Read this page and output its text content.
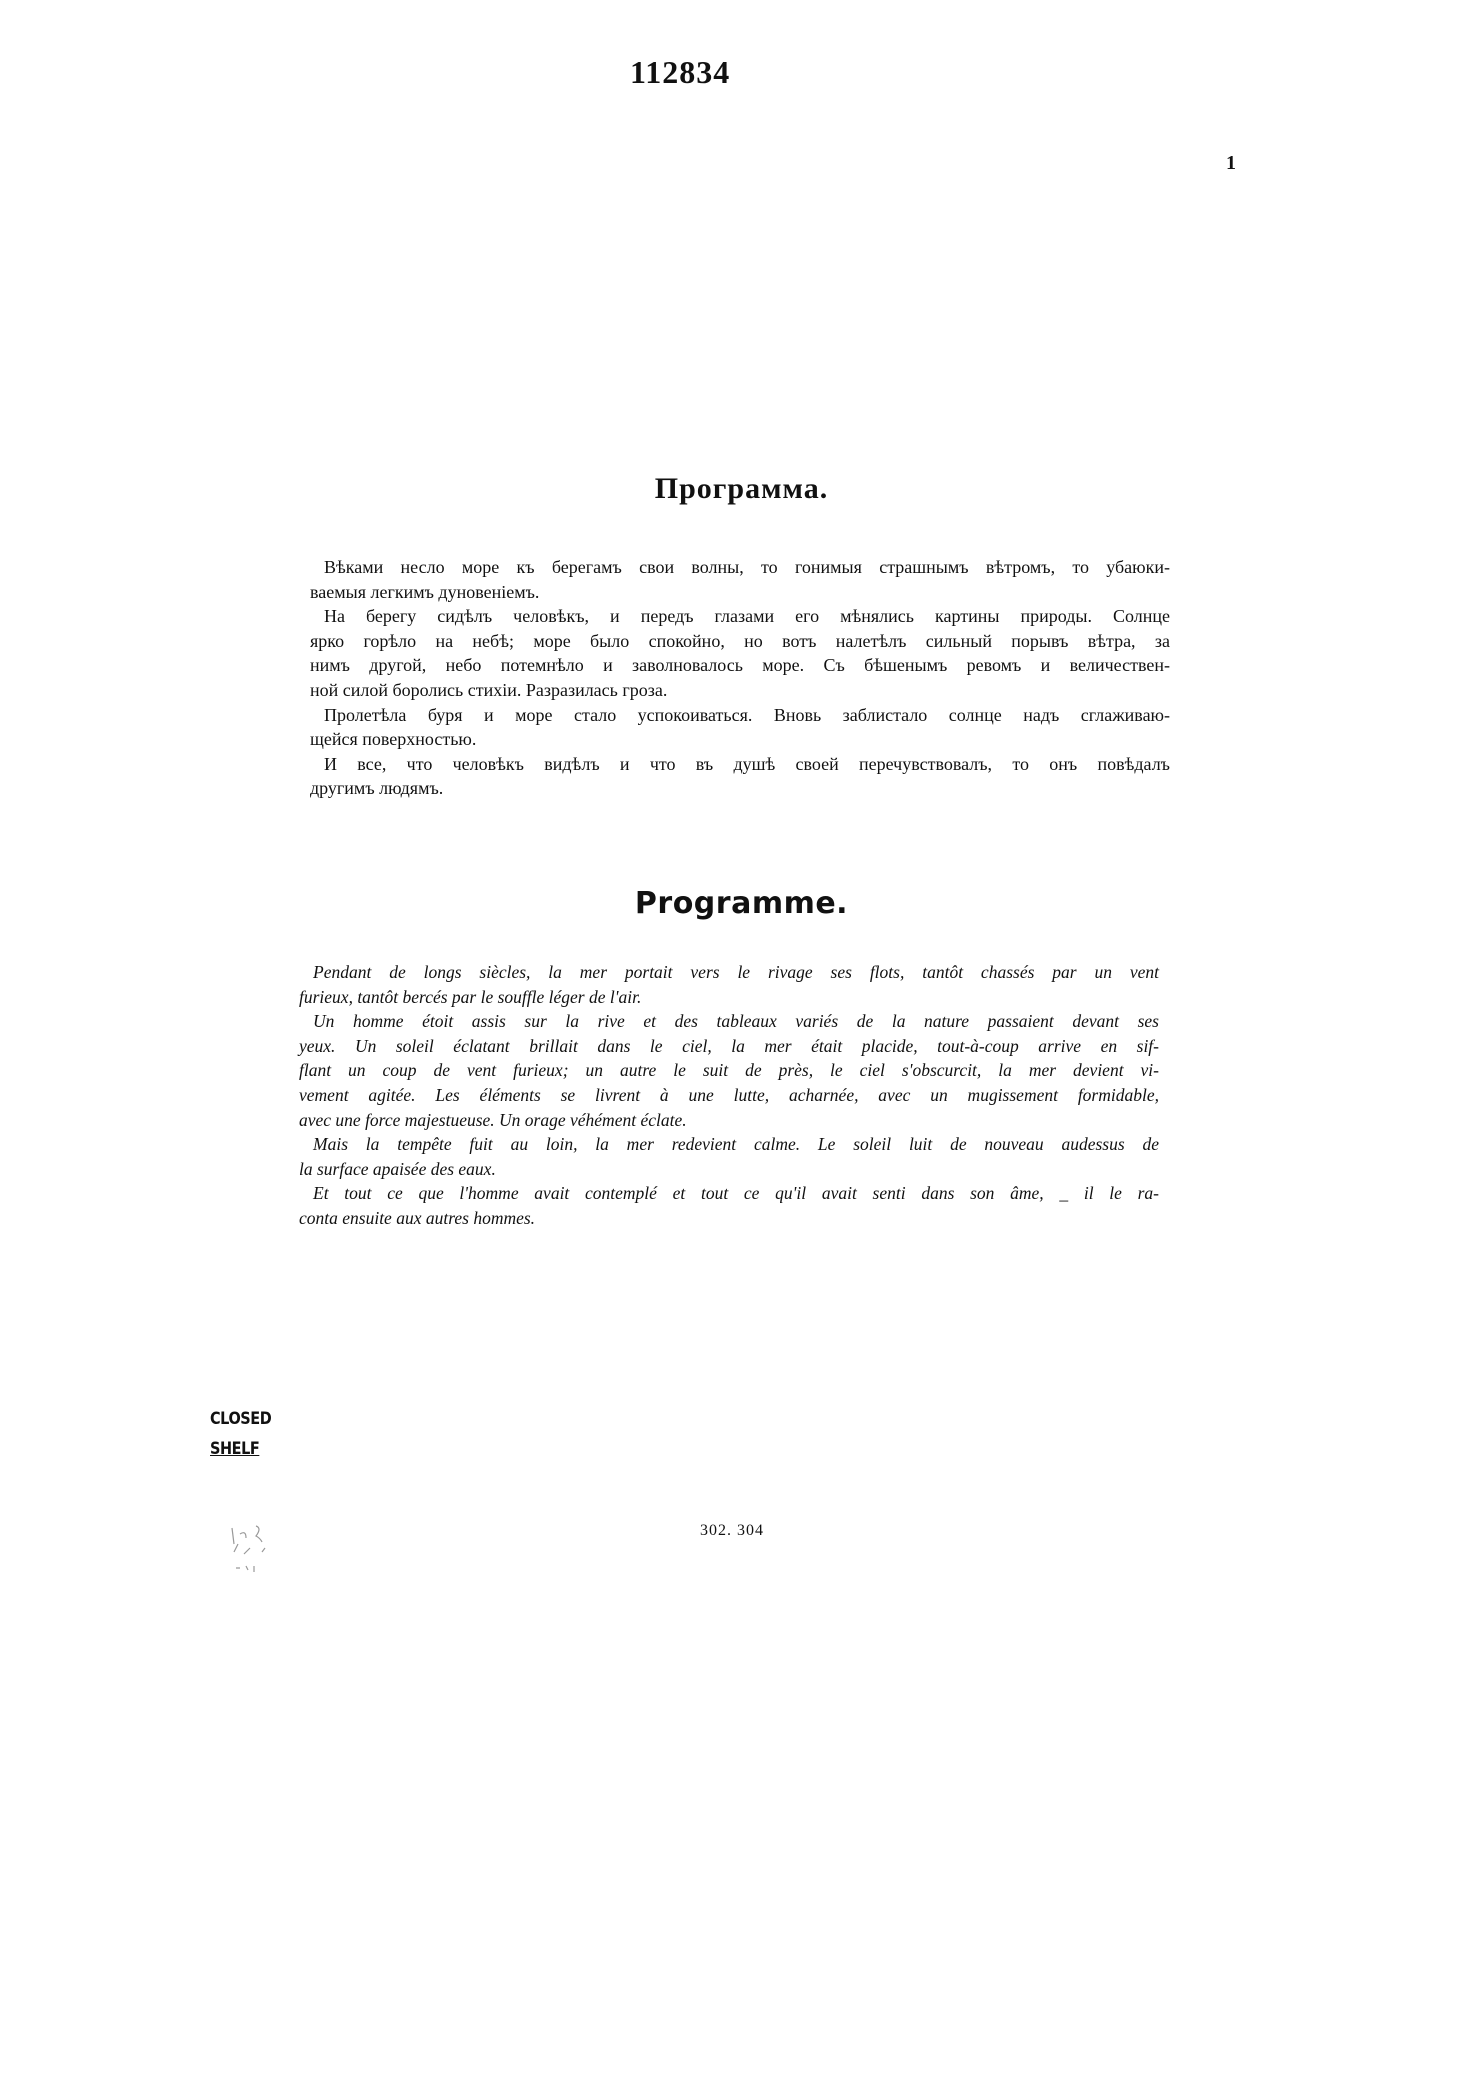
112834
1
Программа.
Вѣками несло море къ берегамъ свои волны, то гонимыя страшнымъ вѣтромъ, то убаюки-
ваемыя легкимъ дуновеніемъ.
На берегу сидѣлъ человѣкъ, и передъ глазами его мѣнялись картины природы. Солнце
ярко горѣло на небѣ; море было спокойно, но вотъ налетѣлъ сильный порывъ вѣтра, за
нимъ другой, небо потемнѣло и заволновалось море. Съ бѣшенымъ ревомъ и величествен-
ной силой боролись стихіи. Разразилась гроза.
Пролетѣла буря и море стало успокоиваться. Вновь заблистало солнце надъ сглаживаю-
щейся поверхностью.
И все, что человѣкъ видѣлъ и что въ душѣ своей перечувствовалъ, то онъ повѣдалъ
другимъ людямъ.
Programme.
Pendant de longs siècles, la mer portait vers le rivage ses flots, tantôt chassés par un vent
furieux, tantôt bercés par le souffle léger de l'air.
Un homme étoit assis sur la rive et des tableaux variés de la nature passaient devant ses
yeux. Un soleil éclatant brillait dans le ciel, la mer était placide, tout-à-coup arrive en sif-
flant un coup de vent furieux; un autre le suit de près, le ciel s'obscurcit, la mer devient vi-
vement agitée. Les éléments se livrent à une lutte, acharnée, avec un mugissement formidable,
avec une force majestueuse. Un orage véhément éclate.
Mais la tempête fuit au loin, la mer redevient calme. Le soleil luit de nouveau audessus de
la surface apaisée des eaux.
Et tout ce que l'homme avait contemplé et tout ce qu'il avait senti dans son âme, _ il le ra-
conta ensuite aux autres hommes.
CLOSED
SHELF
302. 304
